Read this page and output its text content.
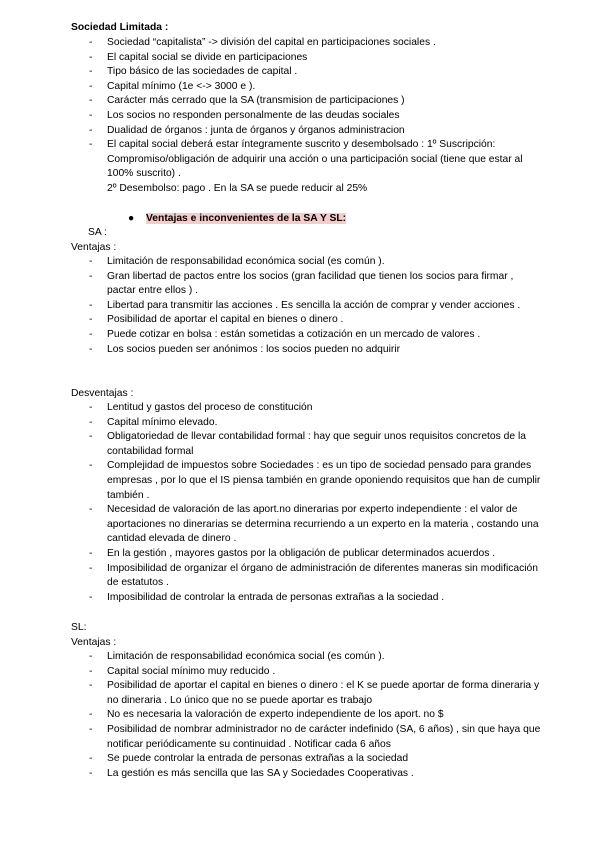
Sociedad Limitada :
- Sociedad “capitalista” -> división del capital en participaciones sociales .
- El capital social se divide en participaciones
- Tipo básico de las sociedades de capital .
- Capital mínimo (1e <-> 3000 e ).
- Carácter más cerrado que la SA (transmision de participaciones )
- Los socios no responden personalmente de las deudas sociales
- Dualidad de órganos : junta de órganos y órganos administracion
- El capital social deberá estar íntegramente suscrito y desembolsado : 1º Suscripción: Compromiso/obligación de adquirir una acción o una participación social (tiene que estar al 100% suscrito) .
2º Desembolso: pago . En la SA se puede reducir al 25%
● Ventajas e inconvenientes de la SA Y SL:
SA :
Ventajas :
- Limitación de responsabilidad económica social (es común ).
- Gran libertad de pactos entre los socios (gran facilidad que tienen los socios para firmar , pactar entre ellos ) .
- Libertad para transmitir las acciones . Es sencilla la acción de comprar y vender acciones .
- Posibilidad de aportar el capital en bienes o dinero .
- Puede cotizar en bolsa : están sometidas a cotización en un mercado de valores .
- Los socios pueden ser anónimos : los socios pueden no adquirir
Desventajas :
- Lentitud y gastos del proceso de constitución
- Capital mínimo elevado.
- Obligatoriedad de llevar contabilidad formal : hay que seguir unos requisitos concretos de la contabilidad formal
- Complejidad de impuestos sobre Sociedades : es un tipo de sociedad pensado para grandes empresas , por lo que el IS piensa también en grande oponiendo requisitos que han de cumplir también .
- Necesidad de valoración de las aport.no dinerarias por experto independiente : el valor de aportaciones no dinerarias se determina recurriendo a un experto en la materia , costando una cantidad elevada de dinero .
- En la gestión , mayores gastos por la obligación de publicar determinados acuerdos .
- Imposibilidad de organizar el órgano de administración de diferentes maneras sin modificación de estatutos .
- Imposibilidad de controlar la entrada de personas extrañas a la sociedad .
SL:
Ventajas :
- Limitación de responsabilidad económica social (es común ).
- Capital social mínimo muy reducido .
- Posibilidad de aportar el capital en bienes o dinero : el K se puede aportar de forma dineraria y no dineraria . Lo único que no se puede aportar es trabajo
- No es necesaria la valoración de experto independiente de los aport. no $
- Posibilidad de nombrar administrador no de carácter indefinido (SA, 6 años) , sin que haya que notificar periódicamente su continuidad . Notificar cada 6 años
- Se puede controlar la entrada de personas extrañas a la sociedad
- La gestión es más sencilla que las SA y Sociedades Cooperativas .
